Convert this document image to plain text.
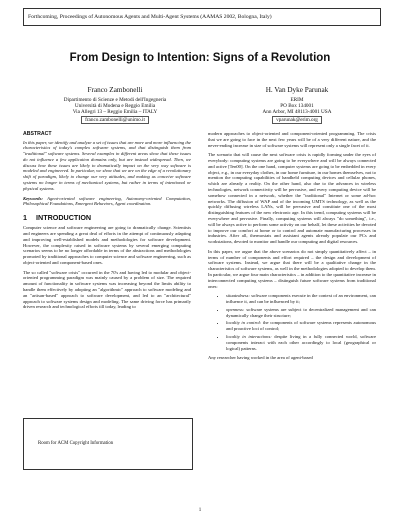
Forthcoming, Proceedings of Autonomous Agents and Multi-Agent Systems (AAMAS 2002, Bologna, Italy)
From Design to Intention: Signs of a Revolution
Franco Zambonelli
Dipartimento di Scienze e Metodi dell'Ingegneria
Università di Modena e Reggio Emilia
Via Allegri 13 – Reggio Emilia – ITALY
franco.zambonelli@unimo.it
H. Van Dyke Parunak
ERIM
PO Box 134001
Ann Arbor, MI 48113-4001 USA
vparunak@erim.org
ABSTRACT

In this paper, we identify and analyze a set of issues that are more and more influencing the characteristics of today's complex software systems, and that distinguish them from "traditional" software systems. Several examples in different areas show that these issues do not influence a few application domains only, but are instead widespread. Then, we discuss how these issues are likely to dramatically impact on the very way software is modeled and engineered. In particular, we show that we are on the edge of a revolutionary shift of paradigm, likely to change our very attitudes, and making us conceive software systems no longer in terms of mechanical systems, but rather in terms of intentional or physical systems.

Keywords: Agent-oriented software engineering, Autonomy-oriented Computation, Philosophical Foundations, Emergent Behaviors, Agent coordination.

1 INTRODUCTION

Computer science and software engineering are going to dramatically change. Scientists and engineers are spending a great deal of efforts in the attempt of continuously adapting and improving well-established models and methodologies for software development. However, the complexity raised in software systems by several emerging computing scenarios seems to be no longer affordable in terms of the abstractions and methodologies promoted by traditional approaches to computer science and software engineering, such as object-oriented and component-based ones.

The so called "software crisis" occurred in the 70's and having led to modular and object-oriented programming paradigm was mainly caused by a problem of size. The required amount of functionality in software systems was increasing beyond the limits ability to handle them effectively by adopting an "algorithmic" approach to software modeling and an "artisan-based" approach to software development, and led to an "architectural" approach to software systems design and modeling. The same driving force has primarily driven research and technological efforts till today, leading to

Room for ACM Copyright Information

modern approaches to object-oriented and component-oriented programming. The crisis that we are going to face in the next few years will be of a very different nature, and the never-ending increase in size of software systems will represent only a single facet of it.

The scenario that will cause the next software crisis is rapidly forming under the eyes of everybody: computing systems are going to be everywhere and will be always connected and active [Ten00]. On the one hand, computer systems are going to be embedded in every object, e.g., in our everyday clothes, in our home furniture, in our homes themselves, not to mention the computing capabilities of handheld computing devices and cellular phones, which are already a reality. On the other hand, also due to the advances in wireless technologies, network connectivity will be pervasive, and every computing device will be somehow connected in a network, whether the "traditional" Internet or some ad-hoc networks. The diffusion of WAP and of the incoming UMTS technology, as well as the quickly diffusing wireless LANs, will be pervasive and constitute one of the most distinguishing features of the new electronic age. In this trend, computing systems will be everywhere and pervasive. Finally, computing systems will always "do something", i.e., will be always active to perform some activity on our behalf, let these activities be devoted to improve our comfort at home or to control and automate manufacturing processes in industries. After all, thermostats and assistant agents already populate our PCs and workstations, devoted to monitor and handle our computing and digital resources.

In this paper, we argue that the above scenarios do not simply quantitatively affect – in terms of number of components and effort required – the design and development of software systems. Instead, we argue that there will be a qualitative change in the characteristics of software systems, as well in the methodologies adopted to develop them. In particular, we argue four main characteristics – in addition to the quantitative increase in interconnected computing systems – distinguish future software systems from traditional ones:

• situatedness: software components execute in the context of an environment, can influence it, and can be influenced by it;
• openness: software systems are subject to decentralized management and can dynamically change their structure;
• locality in control: the components of software systems represents autonomous and proactive loci of control;
• locality in interactions: despite living in a fully connected world, software components interact with each other accordingly to local (geographical or logical) patterns.

Any researcher having worked in the area of agent-based

1
